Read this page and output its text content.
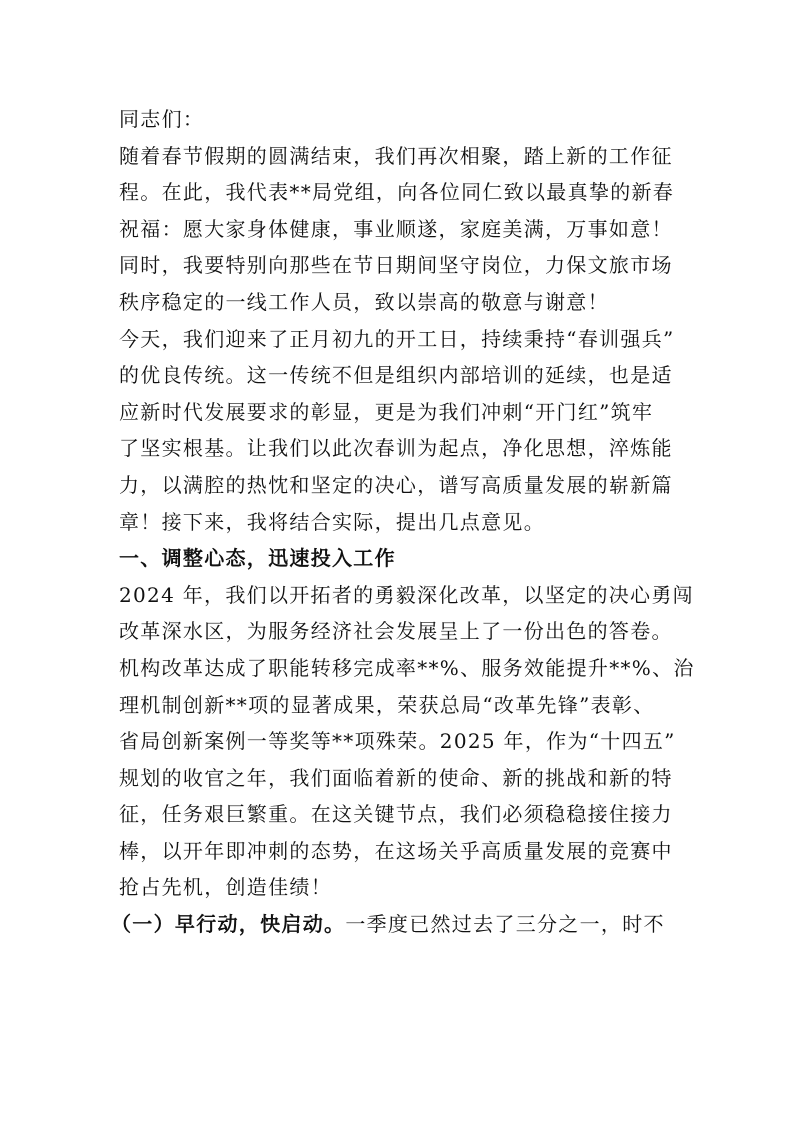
同志们：
随着春节假期的圆满结束，我们再次相聚，踏上新的工作征
程。在此，我代表**局党组，向各位同仁致以最真挚的新春
祝福：愿大家身体健康，事业顺遂，家庭美满，万事如意！
同时，我要特别向那些在节日期间坚守岗位，力保文旅市场
秩序稳定的一线工作人员，致以崇高的敬意与谢意！
今天，我们迎来了正月初九的开工日，持续秉持“春训强兵”
的优良传统。这一传统不但是组织内部培训的延续，也是适
应新时代发展要求的彰显，更是为我们冲刺“开门红”筑牢
了坚实根基。让我们以此次春训为起点，净化思想，淬炼能
力，以满腔的热忱和坚定的决心，谱写高质量发展的崭新篇
章！接下来，我将结合实际，提出几点意见。
一、调整心态，迅速投入工作
2024 年，我们以开拓者的勇毅深化改革，以坚定的决心勇闯
改革深水区，为服务经济社会发展呈上了一份出色的答卷。
机构改革达成了职能转移完成率**%、服务效能提升**%、治
理机制创新**项的显著成果，荣获总局“改革先锋”表彰、
省局创新案例一等奖等**项殊荣。2025 年，作为“十四五”
规划的收官之年，我们面临着新的使命、新的挑战和新的特
征，任务艰巨繁重。在这关键节点，我们必须稳稳接住接力
棒，以开年即冲刺的态势，在这场关乎高质量发展的竞赛中
抢占先机，创造佳绩！
（一）早行动，快启动。一季度已然过去了三分之一，时不
